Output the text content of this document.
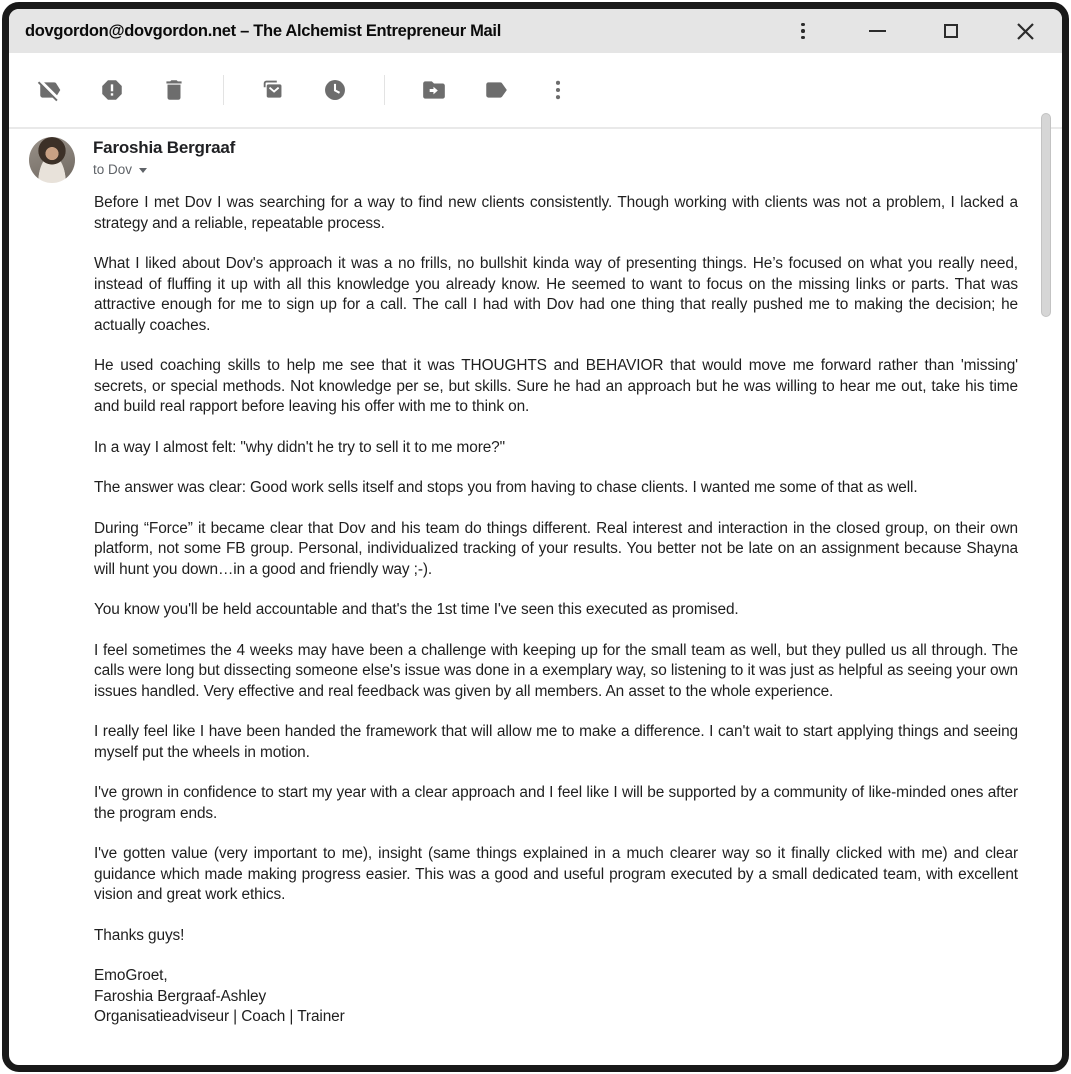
dovgordon@dovgordon.net – The Alchemist Entrepreneur Mail
Faroshia Bergraaf
to Dov

Before I met Dov I was searching for a way to find new clients consistently. Though working with clients was not a problem, I lacked a strategy and a reliable, repeatable process.

What I liked about Dov's approach it was a no frills, no bullshit kinda way of presenting things. He’s focused on what you really need, instead of fluffing it up with all this knowledge you already know. He seemed to want to focus on the missing links or parts. That was attractive enough for me to sign up for a call. The call I had with Dov had one thing that really pushed me to making the decision; he actually coaches.

He used coaching skills to help me see that it was THOUGHTS and BEHAVIOR that would move me forward rather than 'missing' secrets, or special methods. Not knowledge per se, but skills. Sure he had an approach but he was willing to hear me out, take his time and build real rapport before leaving his offer with me to think on.

In a way I almost felt: "why didn't he try to sell it to me more?"

The answer was clear: Good work sells itself and stops you from having to chase clients. I wanted me some of that as well.

During “Force” it became clear that Dov and his team do things different. Real interest and interaction in the closed group, on their own platform, not some FB group. Personal, individualized tracking of your results. You better not be late on an assignment because Shayna will hunt you down…in a good and friendly way ;-).

You know you'll be held accountable and that's the 1st time I've seen this executed as promised.

I feel sometimes the 4 weeks may have been a challenge with keeping up for the small team as well, but they pulled us all through. The calls were long but dissecting someone else's issue was done in a exemplary way, so listening to it was just as helpful as seeing your own issues handled. Very effective and real feedback was given by all members. An asset to the whole experience.

I really feel like I have been handed the framework that will allow me to make a difference. I can't wait to start applying things and seeing myself put the wheels in motion.

I've grown in confidence to start my year with a clear approach and I feel like I will be supported by a community of like-minded ones after the program ends.

I've gotten value (very important to me), insight (same things explained in a much clearer way so it finally clicked with me) and clear guidance which made making progress easier. This was a good and useful program executed by a small dedicated team, with excellent vision and great work ethics.

Thanks guys!

EmoGroet,

Faroshia Bergraaf-Ashley

Organisatieadviseur | Coach | Trainer
